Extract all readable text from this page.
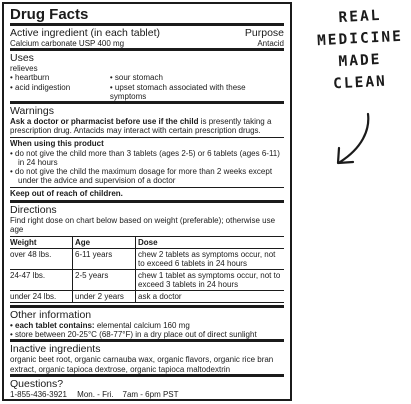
Drug Facts
Active ingredient (in each tablet)	Purpose
Calcium carbonate USP 400 mg	Antacid
Uses
relieves
• heartburn
• acid indigestion
• sour stomach
• upset stomach associated with these symptoms
Warnings
Ask a doctor or pharmacist before use if the child is presently taking a prescription drug. Antacids may interact with certain prescription drugs.
When using this product
• do not give the child more than 3 tablets (ages 2-5) or 6 tablets (ages 6-11) in 24 hours
• do not give the child the maximum dosage for more than 2 weeks except under the advice and supervision of a doctor
Keep out of reach of children.
Directions
Find right dose on chart below based on weight (preferable); otherwise use age
Weight	Age	Dose
over 48 lbs.	6-11 years	chew 2 tablets as symptoms occur, not to exceed 6 tablets in 24 hours
24-47 lbs.	2-5 years	chew 1 tablet as symptoms occur, not to exceed 3 tablets in 24 hours
under 24 lbs.	under 2 years	ask a doctor
Other information
• each tablet contains: elemental calcium 160 mg
• store between 20-25°C (68-77°F) in a dry place out of direct sunlight
Inactive ingredients
organic beet root, organic carnauba wax, organic flavors, organic rice bran extract, organic tapioca dextrose, organic tapioca maltodextrin
Questions?
1-855-436-3921 Mon. - Fri.    7am - 6pm PST
REAL
MEDICINE
MADE
CLEAN
